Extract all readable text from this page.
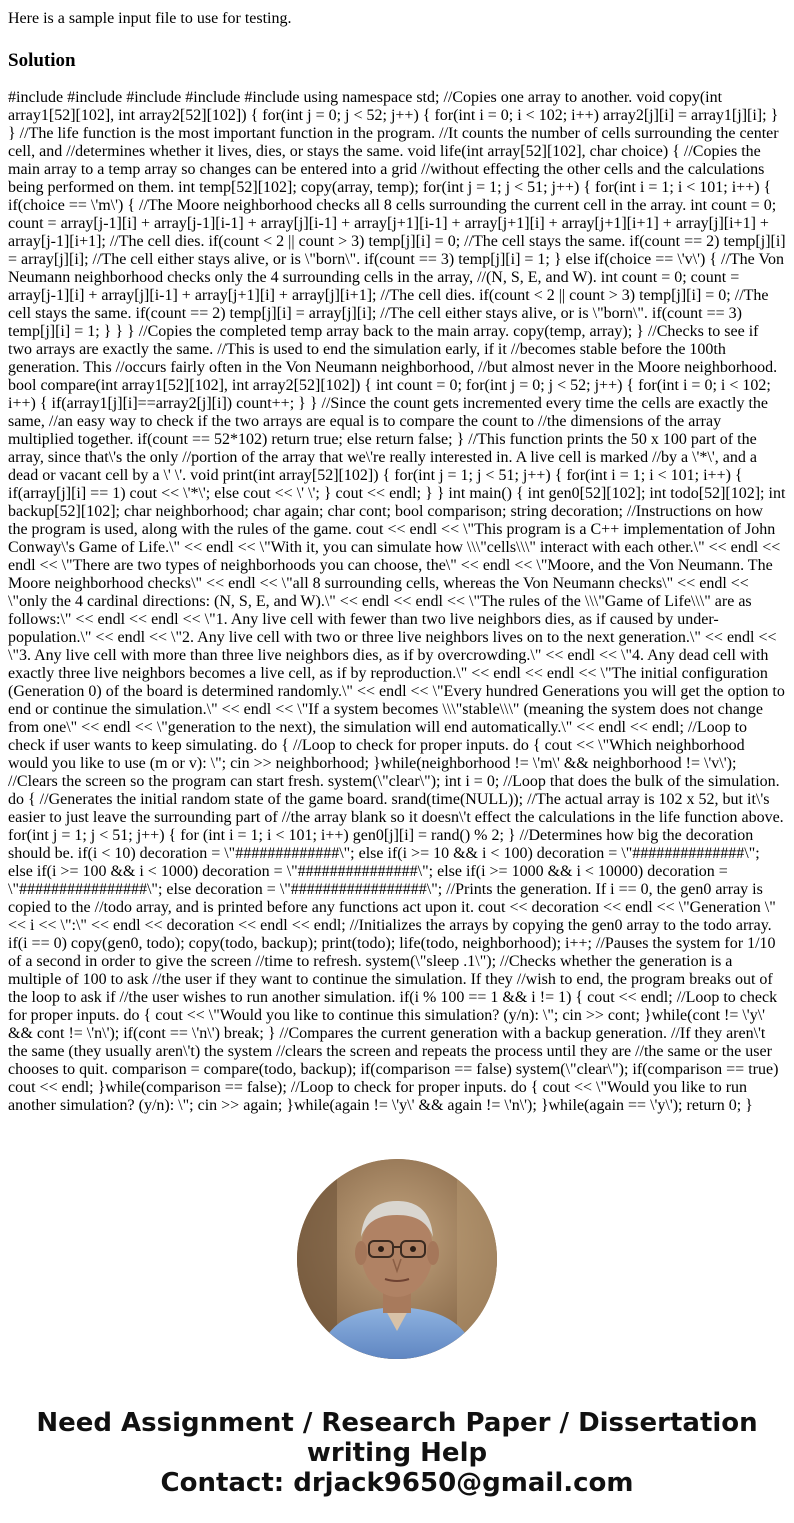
Here is a sample input file to use for testing.

Solution

#include #include #include #include #include using namespace std; //Copies one array to another. void copy(int array1[52][102], int array2[52][102]) { for(int j = 0; j < 52; j++) { for(int i = 0; i < 102; i++) array2[j][i] = array1[j][i]; } } //The life function is the most important function in the program. //It counts the number of cells surrounding the center cell, and //determines whether it lives, dies, or stays the same. void life(int array[52][102], char choice) { //Copies the main array to a temp array so changes can be entered into a grid //without effecting the other cells and the calculations being performed on them. int temp[52][102]; copy(array, temp); for(int j = 1; j < 51; j++) { for(int i = 1; i < 101; i++) { if(choice == \'m\') { //The Moore neighborhood checks all 8 cells surrounding the current cell in the array. int count = 0; count = array[j-1][i] + array[j-1][i-1] + array[j][i-1] + array[j+1][i-1] + array[j+1][i] + array[j+1][i+1] + array[j][i+1] + array[j-1][i+1]; //The cell dies. if(count < 2 || count > 3) temp[j][i] = 0; //The cell stays the same. if(count == 2) temp[j][i] = array[j][i]; //The cell either stays alive, or is \"born\". if(count == 3) temp[j][i] = 1; } else if(choice == \'v\') { //The Von Neumann neighborhood checks only the 4 surrounding cells in the array, //(N, S, E, and W). int count = 0; count = array[j-1][i] + array[j][i-1] + array[j+1][i] + array[j][i+1]; //The cell dies. if(count < 2 || count > 3) temp[j][i] = 0; //The cell stays the same. if(count == 2) temp[j][i] = array[j][i]; //The cell either stays alive, or is \"born\". if(count == 3) temp[j][i] = 1; } } } //Copies the completed temp array back to the main array. copy(temp, array); } //Checks to see if two arrays are exactly the same. //This is used to end the simulation early, if it //becomes stable before the 100th generation. This //occurs fairly often in the Von Neumann neighborhood, //but almost never in the Moore neighborhood. bool compare(int array1[52][102], int array2[52][102]) { int count = 0; for(int j = 0; j < 52; j++) { for(int i = 0; i < 102; i++) { if(array1[j][i]==array2[j][i]) count++; } } //Since the count gets incremented every time the cells are exactly the same, //an easy way to check if the two arrays are equal is to compare the count to //the dimensions of the array multiplied together. if(count == 52*102) return true; else return false; } //This function prints the 50 x 100 part of the array, since that\'s the only //portion of the array that we\'re really interested in. A live cell is marked //by a \'*\', and a dead or vacant cell by a \' \'. void print(int array[52][102]) { for(int j = 1; j < 51; j++) { for(int i = 1; i < 101; i++) { if(array[j][i] == 1) cout << \'*\'; else cout << \' \'; } cout << endl; } } int main() { int gen0[52][102]; int todo[52][102]; int backup[52][102]; char neighborhood; char again; char cont; bool comparison; string decoration; //Instructions on how the program is used, along with the rules of the game. cout << endl << \"This program is a C++ implementation of John Conway\'s Game of Life.\" << endl << \"With it, you can simulate how \\\"cells\\\" interact with each other.\" << endl << endl << \"There are two types of neighborhoods you can choose, the\" << endl << \"Moore, and the Von Neumann. The Moore neighborhood checks\" << endl << \"all 8 surrounding cells, whereas the Von Neumann checks\" << endl << \"only the 4 cardinal directions: (N, S, E, and W).\" << endl << endl << \"The rules of the \\\"Game of Life\\\" are as follows:\" << endl << endl << \"1. Any live cell with fewer than two live neighbors dies, as if caused by under-population.\" << endl << \"2. Any live cell with two or three live neighbors lives on to the next generation.\" << endl << \"3. Any live cell with more than three live neighbors dies, as if by overcrowding.\" << endl << \"4. Any dead cell with exactly three live neighbors becomes a live cell, as if by reproduction.\" << endl << endl << \"The initial configuration (Generation 0) of the board is determined randomly.\" << endl << \"Every hundred Generations you will get the option to end or continue the simulation.\" << endl << \"If a system becomes \\\"stable\\\" (meaning the system does not change from one\" << endl << \"generation to the next), the simulation will end automatically.\" << endl << endl; //Loop to check if user wants to keep simulating. do { //Loop to check for proper inputs. do { cout << \"Which neighborhood would you like to use (m or v): \"; cin >> neighborhood; }while(neighborhood != \'m\' && neighborhood != \'v\'); //Clears the screen so the program can start fresh. system(\"clear\"); int i = 0; //Loop that does the bulk of the simulation. do { //Generates the initial random state of the game board. srand(time(NULL)); //The actual array is 102 x 52, but it\'s easier to just leave the surrounding part of //the array blank so it doesn\'t effect the calculations in the life function above. for(int j = 1; j < 51; j++) { for (int i = 1; i < 101; i++) gen0[j][i] = rand() % 2; } //Determines how big the decoration should be. if(i < 10) decoration = \"#############\"; else if(i >= 10 && i < 100) decoration = \"##############\"; else if(i >= 100 && i < 1000) decoration = \"###############\"; else if(i >= 1000 && i < 10000) decoration = \"################\"; else decoration = \"#################\"; //Prints the generation. If i == 0, the gen0 array is copied to the //todo array, and is printed before any functions act upon it. cout << decoration << endl << \"Generation \" << i << \":\" << endl << decoration << endl << endl; //Initializes the arrays by copying the gen0 array to the todo array. if(i == 0) copy(gen0, todo); copy(todo, backup); print(todo); life(todo, neighborhood); i++; //Pauses the system for 1/10 of a second in order to give the screen //time to refresh. system(\"sleep .1\"); //Checks whether the generation is a multiple of 100 to ask //the user if they want to continue the simulation. If they //wish to end, the program breaks out of the loop to ask if //the user wishes to run another simulation. if(i % 100 == 1 && i != 1) { cout << endl; //Loop to check for proper inputs. do { cout << \"Would you like to continue this simulation? (y/n): \"; cin >> cont; }while(cont != \'y\' && cont != \'n\'); if(cont == \'n\') break; } //Compares the current generation with a backup generation. //If they aren\'t the same (they usually aren\'t) the system //clears the screen and repeats the process until they are //the same or the user chooses to quit. comparison = compare(todo, backup); if(comparison == false) system(\"clear\"); if(comparison == true) cout << endl; }while(comparison == false); //Loop to check for proper inputs. do { cout << \"Would you like to run another simulation? (y/n): \"; cin >> again; }while(again != \'y\' && again != \'n\'); }while(again == \'y\'); return 0; }

Need Assignment / Research Paper / Dissertation
writing Help
Contact: drjack9650@gmail.com
